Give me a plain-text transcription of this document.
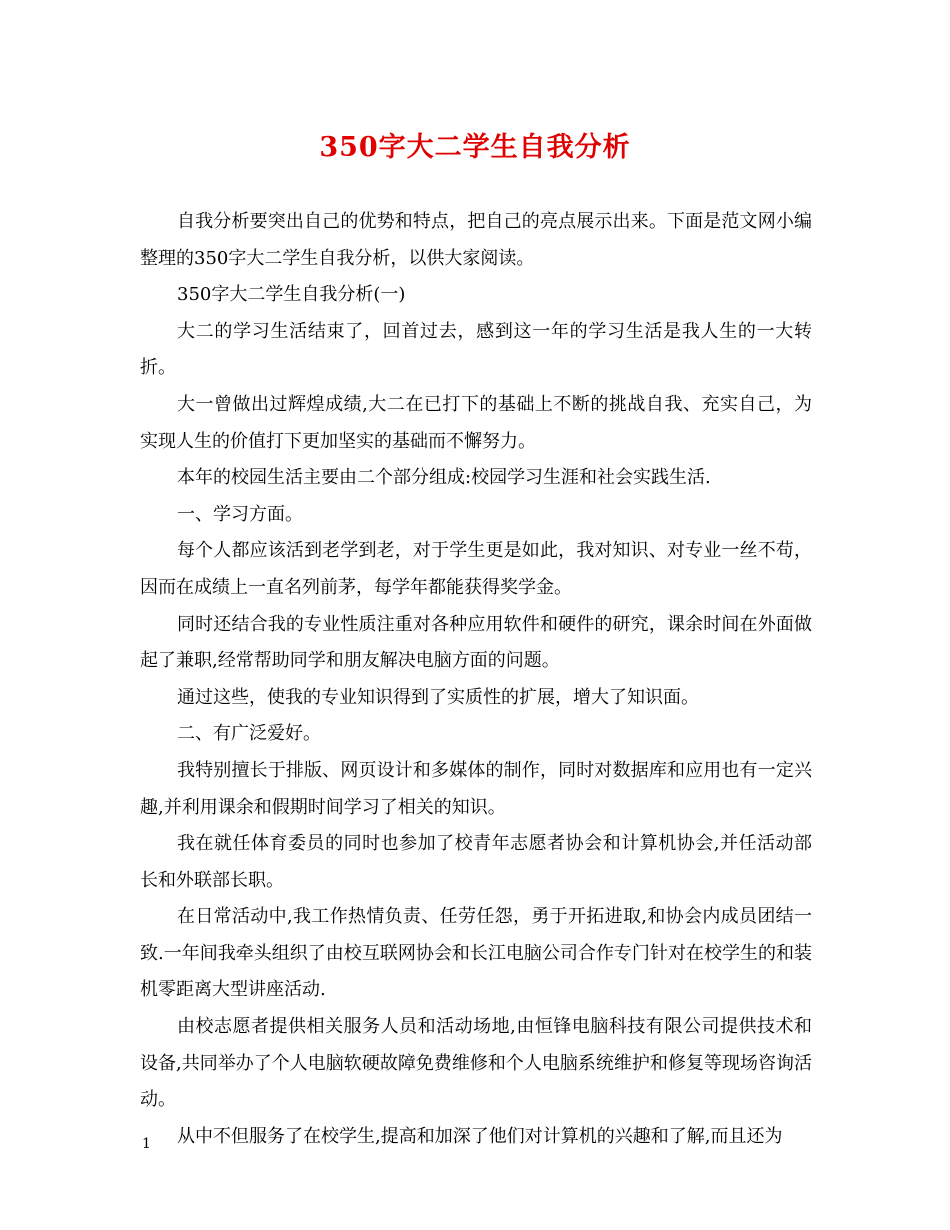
350字大二学生自我分析

自我分析要突出自己的优势和特点，把自己的亮点展示出来。下面是范文网小编整理的350字大二学生自我分析，以供大家阅读。

350字大二学生自我分析(一)

大二的学习生活结束了，回首过去，感到这一年的学习生活是我人生的一大转折。

大一曾做出过辉煌成绩,大二在已打下的基础上不断的挑战自我、充实自己，为实现人生的价值打下更加坚实的基础而不懈努力。

本年的校园生活主要由二个部分组成:校园学习生涯和社会实践生活.

一、学习方面。

每个人都应该活到老学到老，对于学生更是如此，我对知识、对专业一丝不苟，因而在成绩上一直名列前茅，每学年都能获得奖学金。

同时还结合我的专业性质注重对各种应用软件和硬件的研究，课余时间在外面做起了兼职,经常帮助同学和朋友解决电脑方面的问题。

通过这些，使我的专业知识得到了实质性的扩展，增大了知识面。

二、有广泛爱好。

我特别擅长于排版、网页设计和多媒体的制作，同时对数据库和应用也有一定兴趣,并利用课余和假期时间学习了相关的知识。

我在就任体育委员的同时也参加了校青年志愿者协会和计算机协会,并任活动部长和外联部长职。

在日常活动中,我工作热情负责、任劳任怨，勇于开拓进取,和协会内成员团结一致.一年间我牵头组织了由校互联网协会和长江电脑公司合作专门针对在校学生的和装机零距离大型讲座活动.

由校志愿者提供相关服务人员和活动场地,由恒锋电脑科技有限公司提供技术和设备,共同举办了个人电脑软硬故障免费维修和个人电脑系统维护和修复等现场咨询活动。

从中不但服务了在校学生,提高和加深了他们对计算机的兴趣和了解,而且还为

1
